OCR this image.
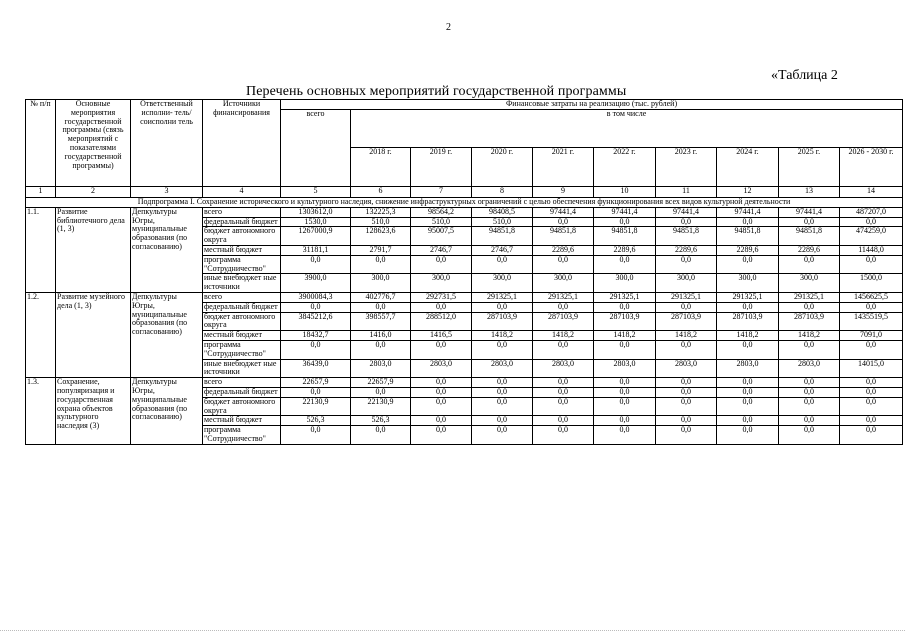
2
«Таблица 2
Перечень основных мероприятий государственной программы
№ п/п	Основные мероприятия государственной программы (связь мероприятий с показателями государственной программы)	Ответственный исполни- тель/соисполни тель	Источники финансирования	Финансовые затраты на реализацию (тыс. рублей)									
				всего	в том числе								
					2018 г.	2019 г.	2020 г.	2021 г.	2022 г.	2023 г.	2024 г.	2025 г.	2026 - 2030 г.
1	2	3	4	5	6	7	8	9	10	11	12	13	14
Подпрограмма I. Сохранение исторического и культурного наследия, снижение инфраструктурных ограничений с целью обеспечения функционирования всех видов культурной деятельности													
1.1.	Развитие библиотечного дела (1, 3)	Депкультуры Югры, муниципальные образования (по согласованию)	всего	1303612,0	132225,3	98564,2	98408,5	97441,4	97441,4	97441,4	97441,4	97441,4	487207,0
			федеральный бюджет	1530,0	510,0	510,0	510,0	0,0	0,0	0,0	0,0	0,0	0,0
			бюджет автономного округа	1267000,9	128623,6	95007,5	94851,8	94851,8	94851,8	94851,8	94851,8	94851,8	474259,0
			местный бюджет	31181,1	2791,7	2746,7	2746,7	2289,6	2289,6	2289,6	2289,6	2289,6	11448,0
			программа "Сотрудничество"	0,0	0,0	0,0	0,0	0,0	0,0	0,0	0,0	0,0	0,0
			иные внебюджет ные источники	3900,0	300,0	300,0	300,0	300,0	300,0	300,0	300,0	300,0	1500,0
1.2.	Развитие музейного дела (1, 3)	Депкультуры Югры, муниципальные образования (по согласованию)	всего	3900084,3	402776,7	292731,5	291325,1	291325,1	291325,1	291325,1	291325,1	291325,1	1456625,5
			федеральный бюджет	0,0	0,0	0,0	0,0	0,0	0,0	0,0	0,0	0,0	0,0
			бюджет автономного округа	3845212,6	398557,7	288512,0	287103,9	287103,9	287103,9	287103,9	287103,9	287103,9	1435519,5
			местный бюджет	18432,7	1416,0	1416,5	1418,2	1418,2	1418,2	1418,2	1418,2	1418,2	7091,0
			программа "Сотрудничество"	0,0	0,0	0,0	0,0	0,0	0,0	0,0	0,0	0,0	0,0
			иные внебюджет ные источники	36439,0	2803,0	2803,0	2803,0	2803,0	2803,0	2803,0	2803,0	2803,0	14015,0
1.3.	Сохранение, популяризация и государственная охрана объектов культурного наследия (3)	Депкультуры Югры, муниципальные образования (по согласованию)	всего	22657,9	22657,9	0,0	0,0	0,0	0,0	0,0	0,0	0,0	0,0
			федеральный бюджет	0,0	0,0	0,0	0,0	0,0	0,0	0,0	0,0	0,0	0,0
			бюджет автономного округа	22130,9	22130,9	0,0	0,0	0,0	0,0	0,0	0,0	0,0	0,0
			местный бюджет	526,3	526,3	0,0	0,0	0,0	0,0	0,0	0,0	0,0	0,0
			программа "Сотрудничество"	0,0	0,0	0,0	0,0	0,0	0,0	0,0	0,0	0,0	0,0
